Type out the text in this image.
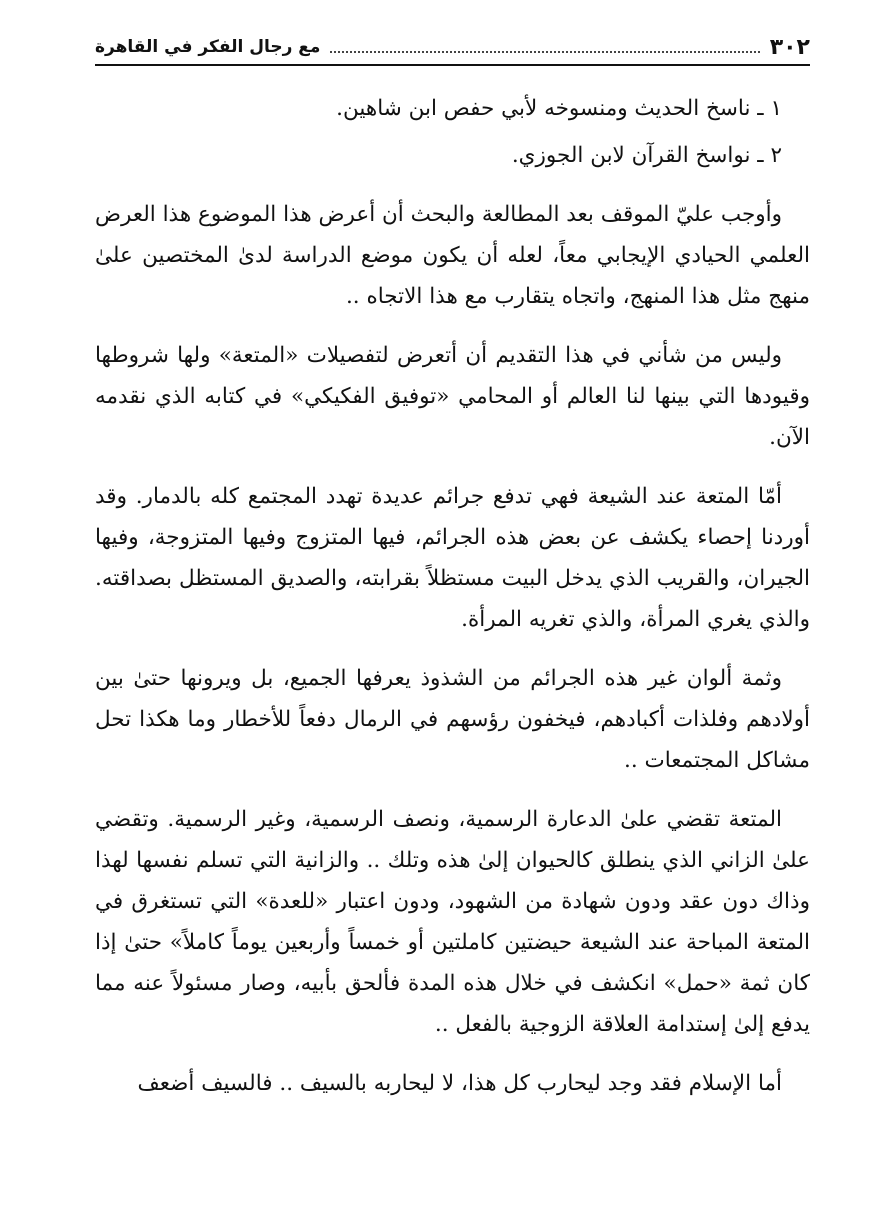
٣٠٢
مع رجال الفكر في القاهرة

١ ـ ناسخ الحديث ومنسوخه لأبي حفص ابن شاهين.

٢ ـ نواسخ القرآن لابن الجوزي.

وأوجب عليّ الموقف بعد المطالعة والبحث أن أعرض هذا الموضوع هذا العرض العلمي الحيادي الإيجابي معاً، لعله أن يكون موضع الدراسة لدىٰ المختصين علىٰ منهج مثل هذا المنهج، واتجاه يتقارب مع هذا الاتجاه ..

وليس من شأني في هذا التقديم أن أتعرض لتفصيلات «المتعة» ولها شروطها وقيودها التي بينها لنا العالم أو المحامي «توفيق الفكيكي» في كتابه الذي نقدمه الآن.

أمّا المتعة عند الشيعة فهي تدفع جرائم عديدة تهدد المجتمع كله بالدمار. وقد أوردنا إحصاء يكشف عن بعض هذه الجرائم، فيها المتزوج وفيها المتزوجة، وفيها الجيران، والقريب الذي يدخل البيت مستظلاً بقرابته، والصديق المستظل بصداقته. والذي يغري المرأة، والذي تغريه المرأة.

وثمة ألوان غير هذه الجرائم من الشذوذ يعرفها الجميع، بل ويرونها حتىٰ بين أولادهم وفلذات أكبادهم، فيخفون رؤسهم في الرمال دفعاً للأخطار وما هكذا تحل مشاكل المجتمعات ..

المتعة تقضي علىٰ الدعارة الرسمية، ونصف الرسمية، وغير الرسمية. وتقضي علىٰ الزاني الذي ينطلق كالحيوان إلىٰ هذه وتلك .. والزانية التي تسلم نفسها لهذا وذاك دون عقد ودون شهادة من الشهود، ودون اعتبار «للعدة» التي تستغرق في المتعة المباحة عند الشيعة حيضتين كاملتين أو خمساً وأربعين يوماً كاملاً» حتىٰ إذا كان ثمة «حمل» انكشف في خلال هذه المدة فألحق بأبيه، وصار مسئولاً عنه مما يدفع إلىٰ إستدامة العلاقة الزوجية بالفعل ..

أما الإسلام فقد وجد ليحارب كل هذا، لا ليحاربه بالسيف .. فالسيف أضعف
